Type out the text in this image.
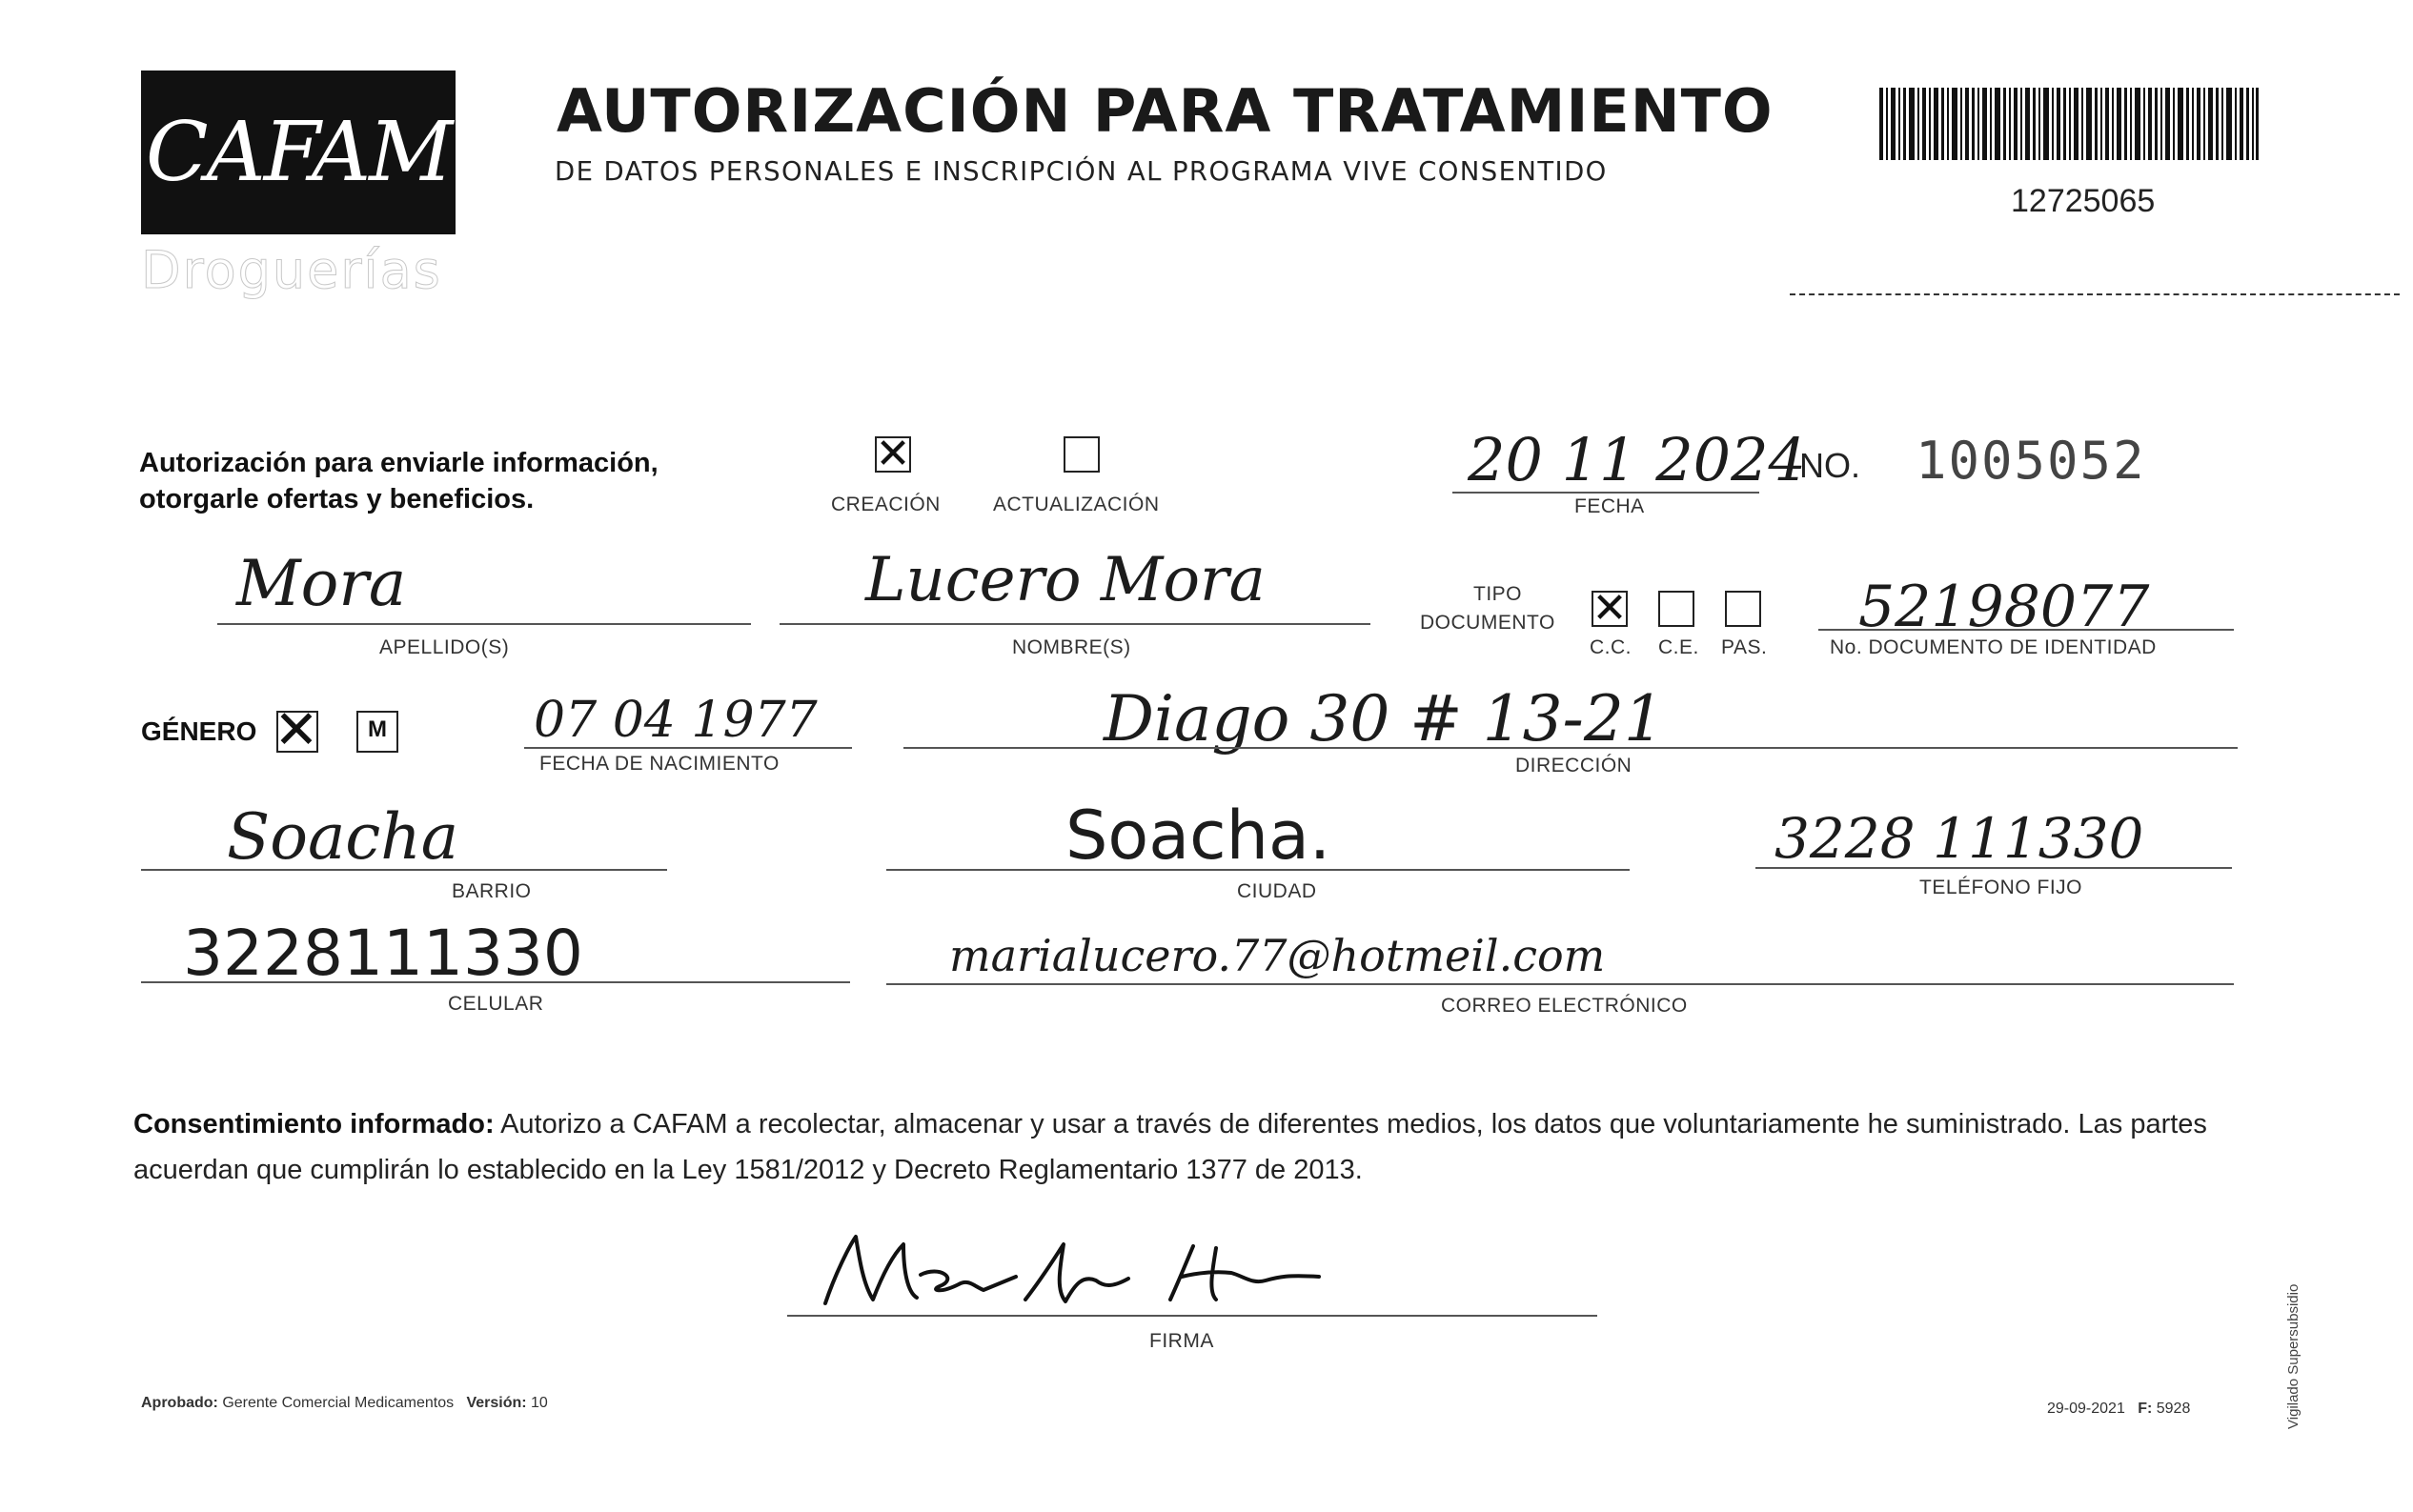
CAFAM
Droguerías
AUTORIZACIÓN PARA TRATAMIENTO
DE DATOS PERSONALES E INSCRIPCIÓN AL PROGRAMA VIVE CONSENTIDO
12725065
Autorización para enviarle información,
otorgarle ofertas y beneficios.
✕
CREACIÓN	ACTUALIZACIÓN
20 11 2024
FECHA
NO. 1005052
Mora
APELLIDO(S)
Lucero Mora
NOMBRE(S)
TIPO
DOCUMENTO ✕
C.C. C.E. PAS.
52198077
No. DOCUMENTO DE IDENTIDAD
GÉNERO ✕	M	07 04 1977
FECHA DE NACIMIENTO
Diago 30 # 13-21
DIRECCIÓN
Soacha
BARRIO
Soacha.
CIUDAD
3228 111330
TELÉFONO FIJO
3228111330
CELULAR
marialucero.77@hotmeil.com
CORREO ELECTRÓNICO
Consentimiento informado: Autorizo a CAFAM a recolectar, almacenar y usar a través de diferentes medios, los datos que voluntariamente he suministrado. Las partes acuerdan que cumplirán lo establecido en la Ley 1581/2012 y Decreto Reglamentario 1377 de 2013.
FIRMA
Aprobado: Gerente Comercial Medicamentos Versión: 10	29-09-2021 F: 5928	Vigilado Supersubsidio
